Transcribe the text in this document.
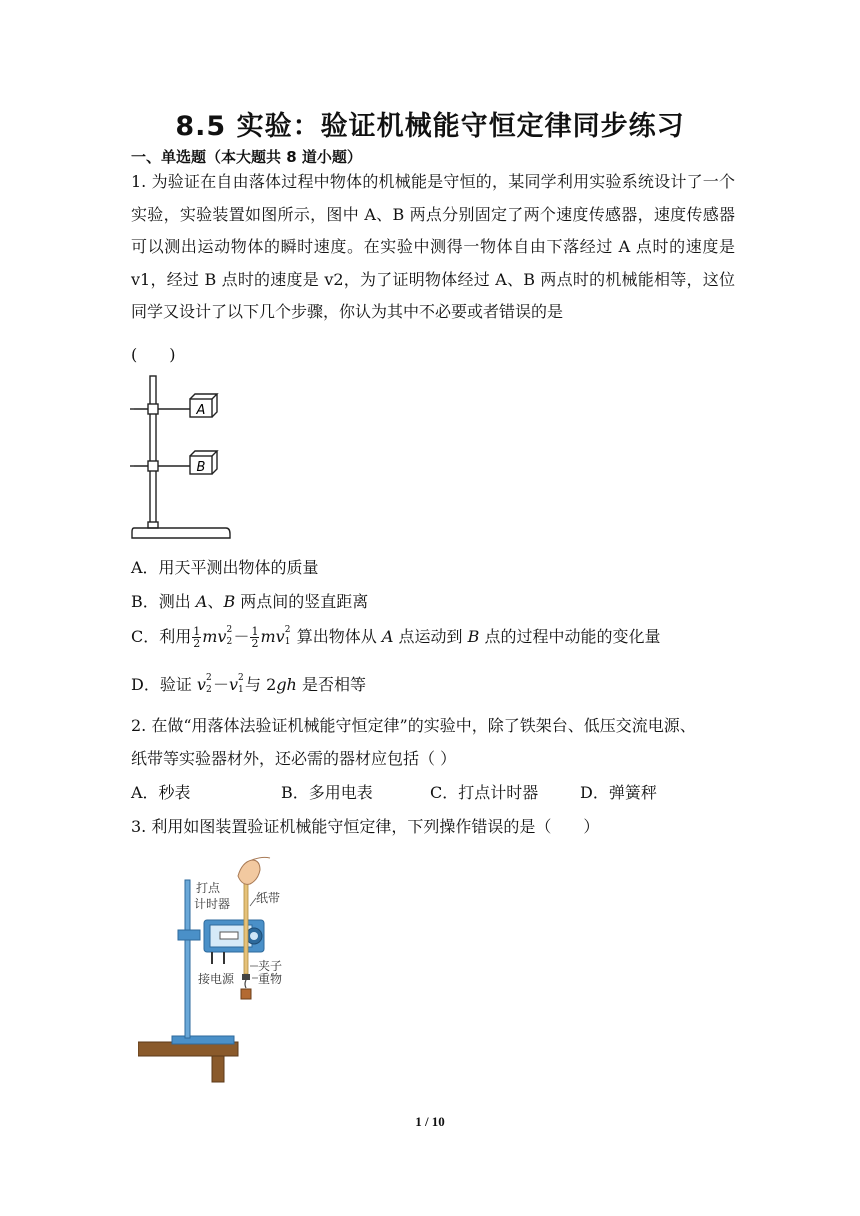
8.5 实验：验证机械能守恒定律同步练习
一、单选题（本大题共 8 道小题）
1. 为验证在自由落体过程中物体的机械能是守恒的，某同学利用实验系统设计了一个实验，实验装置如图所示，图中 A、B 两点分别固定了两个速度传感器，速度传感器可以测出运动物体的瞬时速度。在实验中测得一物体自由下落经过 A 点时的速度是 v1，经过 B 点时的速度是 v2，为了证明物体经过 A、B 两点时的机械能相等，这位同学又设计了以下几个步骤，你认为其中不必要或者错误的是
(　　)
A
B
A．用天平测出物体的质量
B．测出 A、B 两点间的竖直距离
C．利用 $\frac{1}{2}$ mv 2
$2 - \frac{1}{2}$ mv 2
1 算出物体从 A 点运动到 B 点的过程中动能的变化量
D．验证 v 2
2 －v 2
1 与 2gh 是否相等
2. 在做“用落体法验证机械能守恒定律”的实验中，除了铁架台、低压交流电源、
纸带等实验器材外，还必需的器材应包括（ ）
A．秒表	B．多用电表	C．打点计时器	D．弹簧秤
3. 利用如图装置验证机械能守恒定律，下列操作错误的是（　　）
打点
计时器 纸带
夹子
接电源 重物
1 / 10
